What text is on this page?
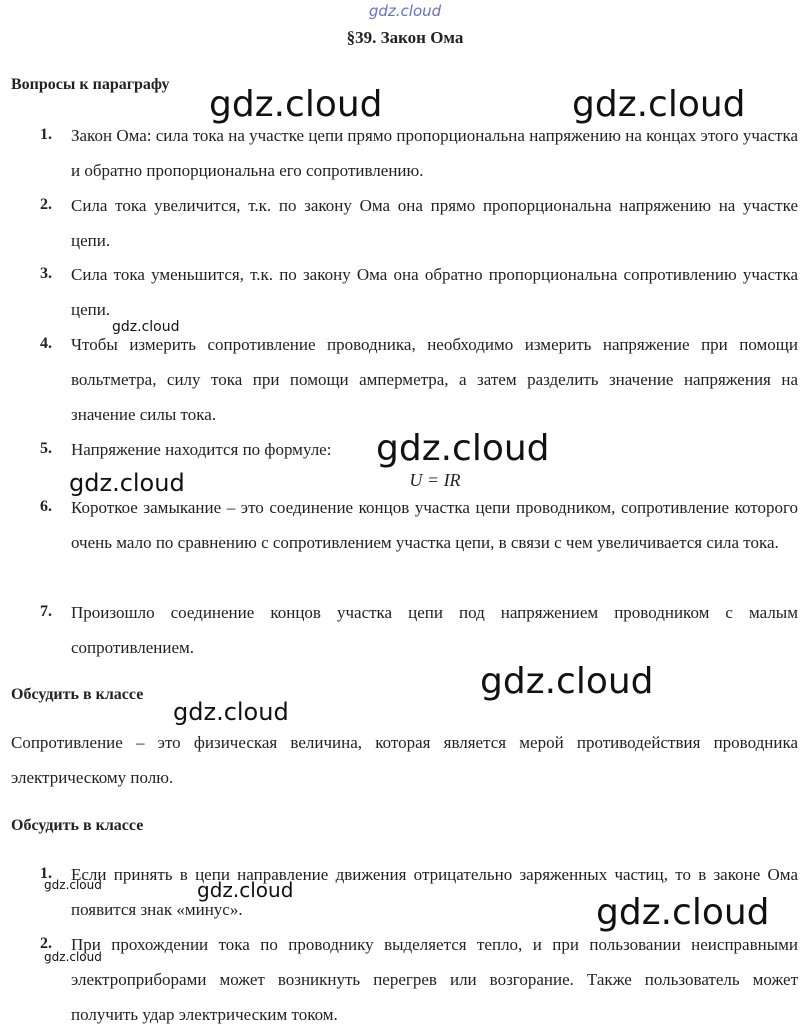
gdz.cloud
§39. Закон Ома
Вопросы к параграфу
1. Закон Ома: сила тока на участке цепи прямо пропорциональна напряжению на концах этого участка и обратно пропорциональна его сопротивлению.
2. Сила тока увеличится, т.к. по закону Ома она прямо пропорциональна напряжению на участке цепи.
3. Сила тока уменьшится, т.к. по закону Ома она обратно пропорциональна сопротивлению участка цепи.
4. Чтобы измерить сопротивление проводника, необходимо измерить напряжение при помощи вольтметра, силу тока при помощи амперметра, а затем разделить значение напряжения на значение силы тока.
5. Напряжение находится по формуле:
U = IR
6. Короткое замыкание – это соединение концов участка цепи проводником, сопротивление которого очень мало по сравнению с сопротивлением участка цепи, в связи с чем увеличивается сила тока.
7. Произошло соединение концов участка цепи под напряжением проводником с малым сопротивлением.
Обсудить в классе
Сопротивление – это физическая величина, которая является мерой противодействия проводника электрическому полю.
Обсудить в классе
1. Если принять в цепи направление движения отрицательно заряженных частиц, то в законе Ома появится знак «минус».
2. При прохождении тока по проводнику выделяется тепло, и при пользовании неисправными электроприборами может возникнуть перегрев или возгорание. Также пользователь может получить удар электрическим током.
gdz.cloud	gdz.cloud
gdz.cloud
gdz.cloud
gdz.cloud
gdz.cloud
gdz.cloud
gdz.cloud	gdz.cloud
gdz.cloud
gdz.cloud
